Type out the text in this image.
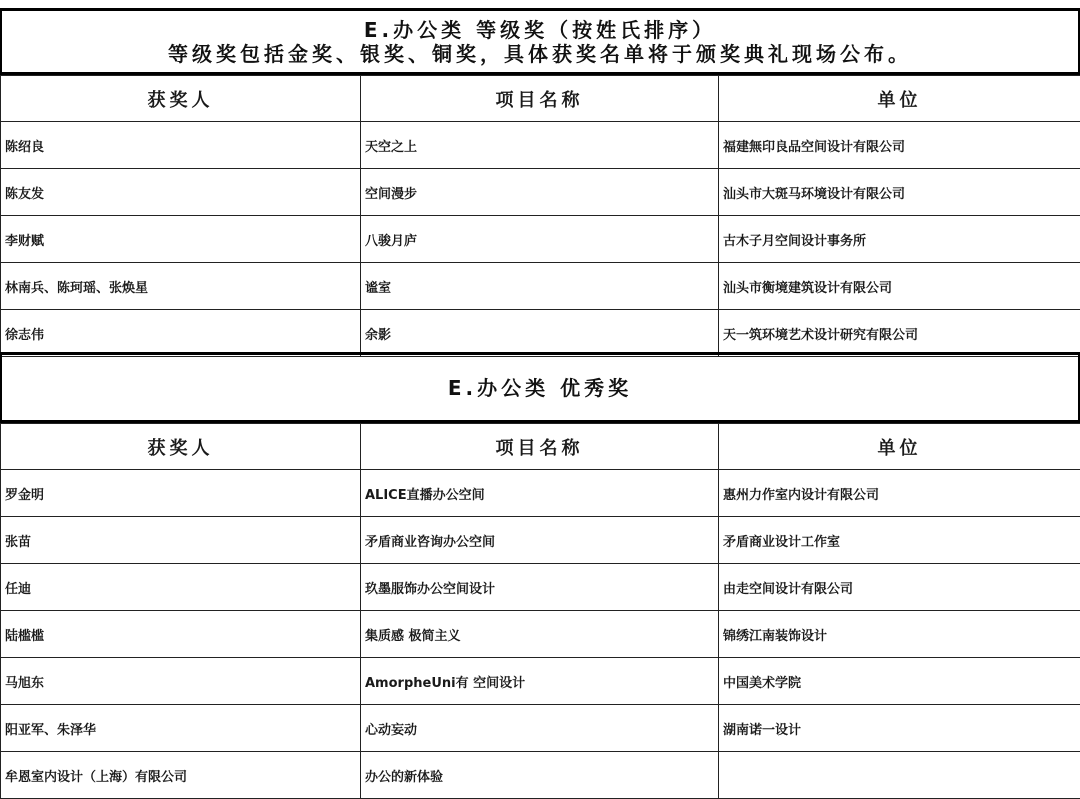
E.办公类 等级奖（按姓氏排序）
等级奖包括金奖、银奖、铜奖，具体获奖名单将于颁奖典礼现场公布。
获奖人	项目名称	单位
陈绍良	天空之上	福建無印良品空间设计有限公司
陈友发	空间漫步	汕头市大斑马环境设计有限公司
李财赋	八骏月庐	古木子月空间设计事务所
林南兵、陈珂瑶、张焕星	谧室	汕头市衡境建筑设计有限公司
徐志伟	余影	天一筑环境艺术设计研究有限公司
E.办公类 优秀奖
获奖人	项目名称	单位
罗金明	ALICE直播办公空间	惠州力作室内设计有限公司
张苗	矛盾商业咨询办公空间	矛盾商业设计工作室
任迪	玖墨服饰办公空间设计	由走空间设计有限公司
陆槛槛	集质感 极简主义	锦绣江南装饰设计
马旭东	AmorpheUni有 空间设计	中国美术学院
阳亚军、朱泽华	心动妄动	湖南诺一设计
牟恩室内设计（上海）有限公司	办公的新体验	
